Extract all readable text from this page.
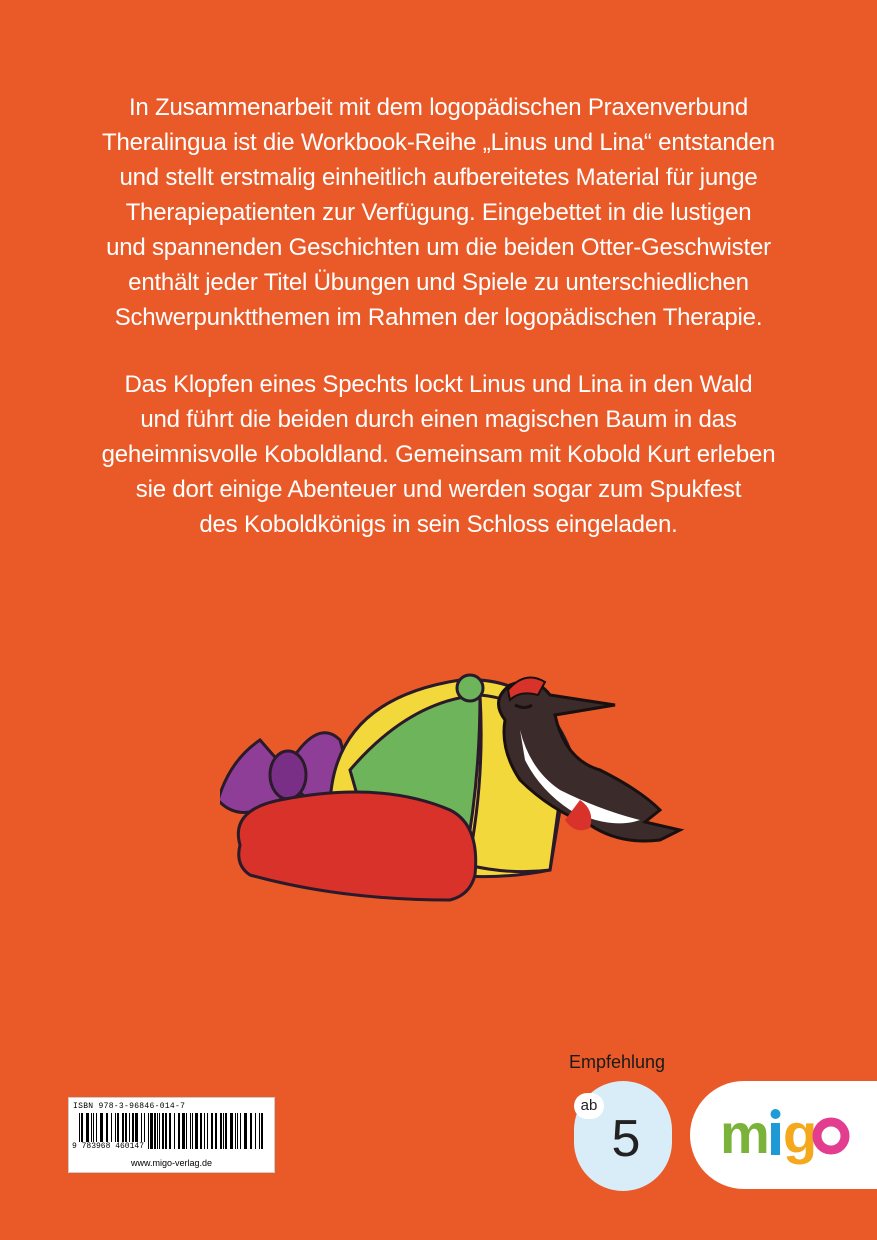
In Zusammenarbeit mit dem logopädischen Praxenverbund
Theralingua ist die Workbook-Reihe „Linus und Lina“ entstanden
und stellt erstmalig einheitlich aufbereitetes Material für junge
Therapiepatienten zur Verfügung. Eingebettet in die lustigen
und spannenden Geschichten um die beiden Otter-Geschwister
enthält jeder Titel Übungen und Spiele zu unterschiedlichen
Schwerpunktthemen im Rahmen der logopädischen Therapie.
Das Klopfen eines Spechts lockt Linus und Lina in den Wald
und führt die beiden durch einen magischen Baum in das
geheimnisvolle Koboldland. Gemeinsam mit Kobold Kurt erleben
sie dort einige Abenteuer und werden sogar zum Spukfest
des Koboldkönigs in sein Schloss eingeladen.
ISBN 978-3-96846-014-7
9 783968 460147
www.migo-verlag.de
Empfehlung
ab
5 m g
